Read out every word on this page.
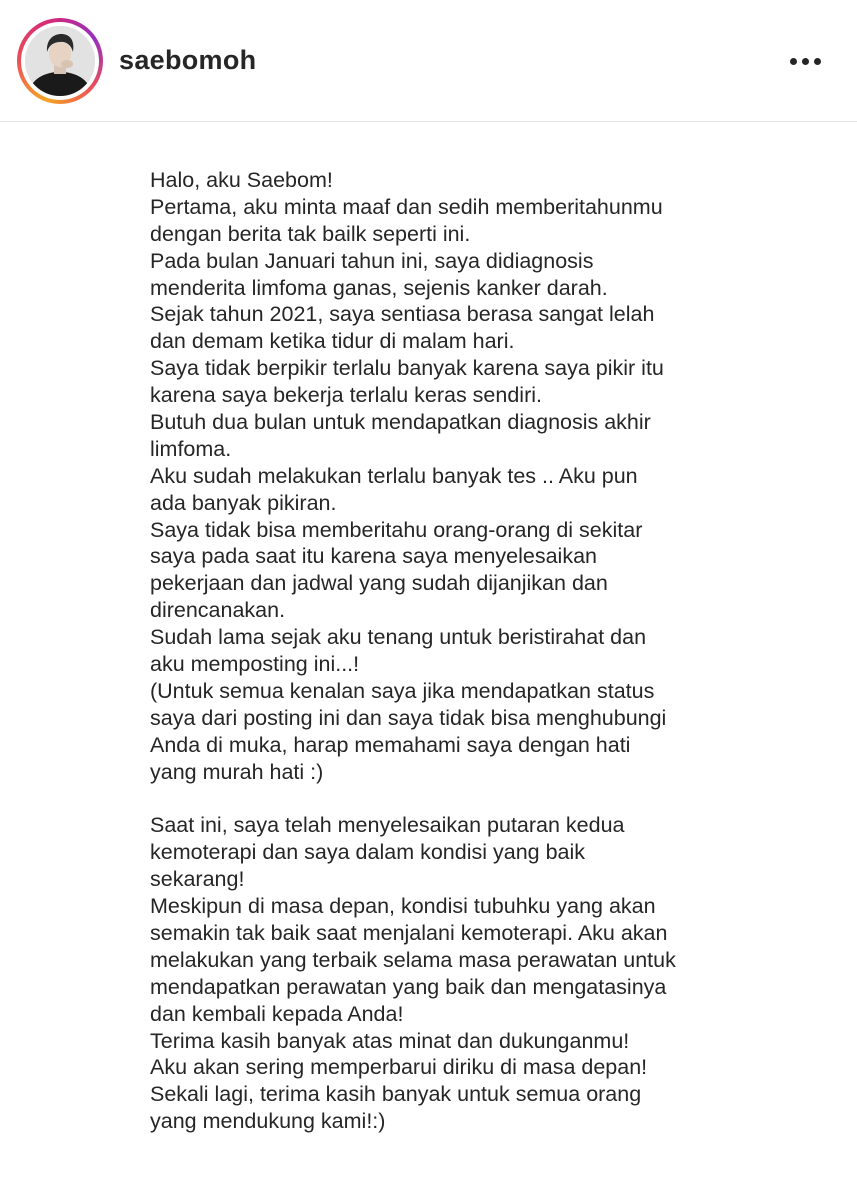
saebomoh
Halo, aku Saebom!
Pertama, aku minta maaf dan sedih memberitahunmu
dengan berita tak bailk seperti ini.
Pada bulan Januari tahun ini, saya didiagnosis
menderita limfoma ganas, sejenis kanker darah.
Sejak tahun 2021, saya sentiasa berasa sangat lelah
dan demam ketika tidur di malam hari.
Saya tidak berpikir terlalu banyak karena saya pikir itu
karena saya bekerja terlalu keras sendiri.
Butuh dua bulan untuk mendapatkan diagnosis akhir
limfoma.
Aku sudah melakukan terlalu banyak tes .. Aku pun
ada banyak pikiran.
Saya tidak bisa memberitahu orang-orang di sekitar
saya pada saat itu karena saya menyelesaikan
pekerjaan dan jadwal yang sudah dijanjikan dan
direncanakan.
Sudah lama sejak aku tenang untuk beristirahat dan
aku memposting ini...!
(Untuk semua kenalan saya jika mendapatkan status
saya dari posting ini dan saya tidak bisa menghubungi
Anda di muka, harap memahami saya dengan hati
yang murah hati :)
Saat ini, saya telah menyelesaikan putaran kedua
kemoterapi dan saya dalam kondisi yang baik
sekarang!
Meskipun di masa depan, kondisi tubuhku yang akan
semakin tak baik saat menjalani kemoterapi. Aku akan
melakukan yang terbaik selama masa perawatan untuk
mendapatkan perawatan yang baik dan mengatasinya
dan kembali kepada Anda!
Terima kasih banyak atas minat dan dukunganmu!
Aku akan sering memperbarui diriku di masa depan!
Sekali lagi, terima kasih banyak untuk semua orang
yang mendukung kami!:)
